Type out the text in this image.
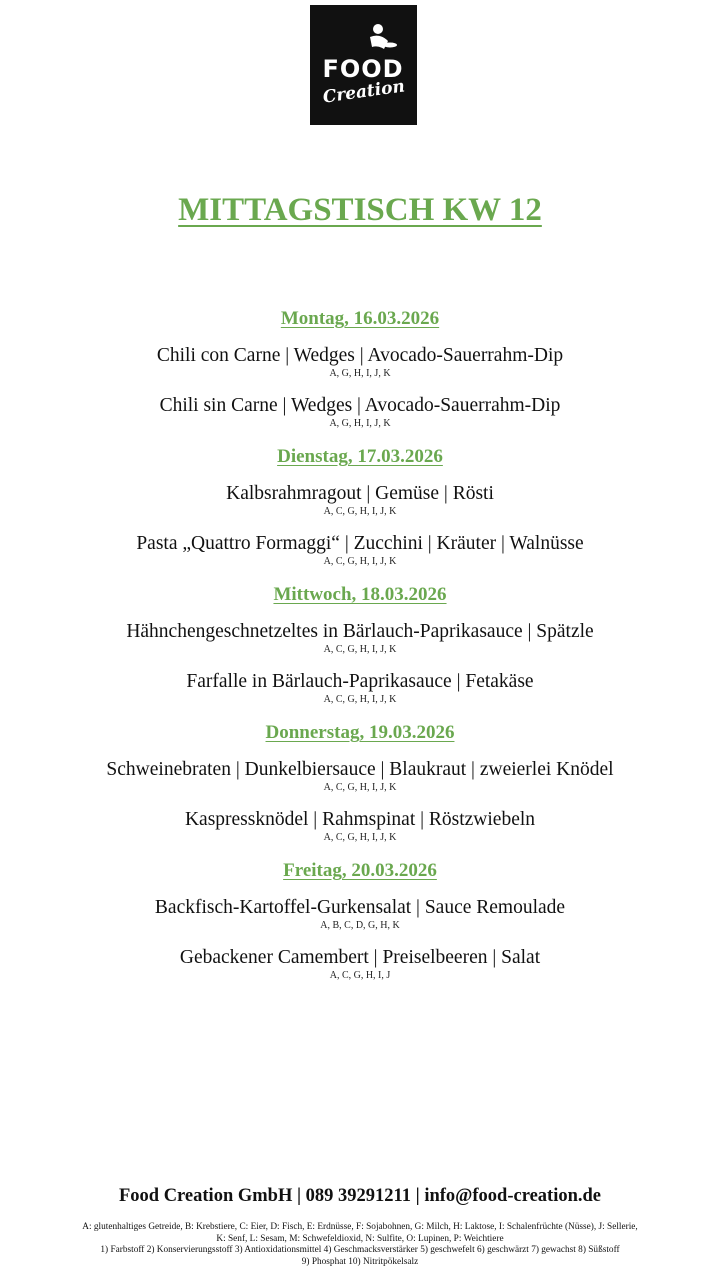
FOOD
Creation
MITTAGSTISCH KW 12
Montag, 16.03.2026
Chili con Carne | Wedges | Avocado-Sauerrahm-Dip
A, G, H, I, J, K
Chili sin Carne | Wedges | Avocado-Sauerrahm-Dip
A, G, H, I, J, K
Dienstag, 17.03.2026
Kalbsrahmragout | Gemüse | Rösti
A, C, G, H, I, J, K
Pasta „Quattro Formaggi“ | Zucchini | Kräuter | Walnüsse
A, C, G, H, I, J, K
Mittwoch, 18.03.2026
Hähnchengeschnetzeltes in Bärlauch-Paprikasauce | Spätzle
A, C, G, H, I, J, K
Farfalle in Bärlauch-Paprikasauce | Fetakäse
A, C, G, H, I, J, K
Donnerstag, 19.03.2026
Schweinebraten | Dunkelbiersauce | Blaukraut | zweierlei Knödel
A, C, G, H, I, J, K
Kaspressknödel | Rahmspinat | Röstzwiebeln
A, C, G, H, I, J, K
Freitag, 20.03.2026
Backfisch-Kartoffel-Gurkensalat | Sauce Remoulade
A, B, C, D, G, H, K
Gebackener Camembert | Preiselbeeren | Salat
A, C, G, H, I, J
Food Creation GmbH | 089 39291211 | info@food-creation.de
A: glutenhaltiges Getreide, B: Krebstiere, C: Eier, D: Fisch, E: Erdnüsse, F: Sojabohnen, G: Milch, H: Laktose, I: Schalenfrüchte (Nüsse), J: Sellerie,
K: Senf, L: Sesam, M: Schwefeldioxid, N: Sulfite, O: Lupinen, P: Weichtiere
1) Farbstoff 2) Konservierungsstoff 3) Antioxidationsmittel 4) Geschmacksverstärker 5) geschwefelt 6) geschwärzt 7) gewachst 8) Süßstoff
9) Phosphat 10) Nitritpökelsalz
